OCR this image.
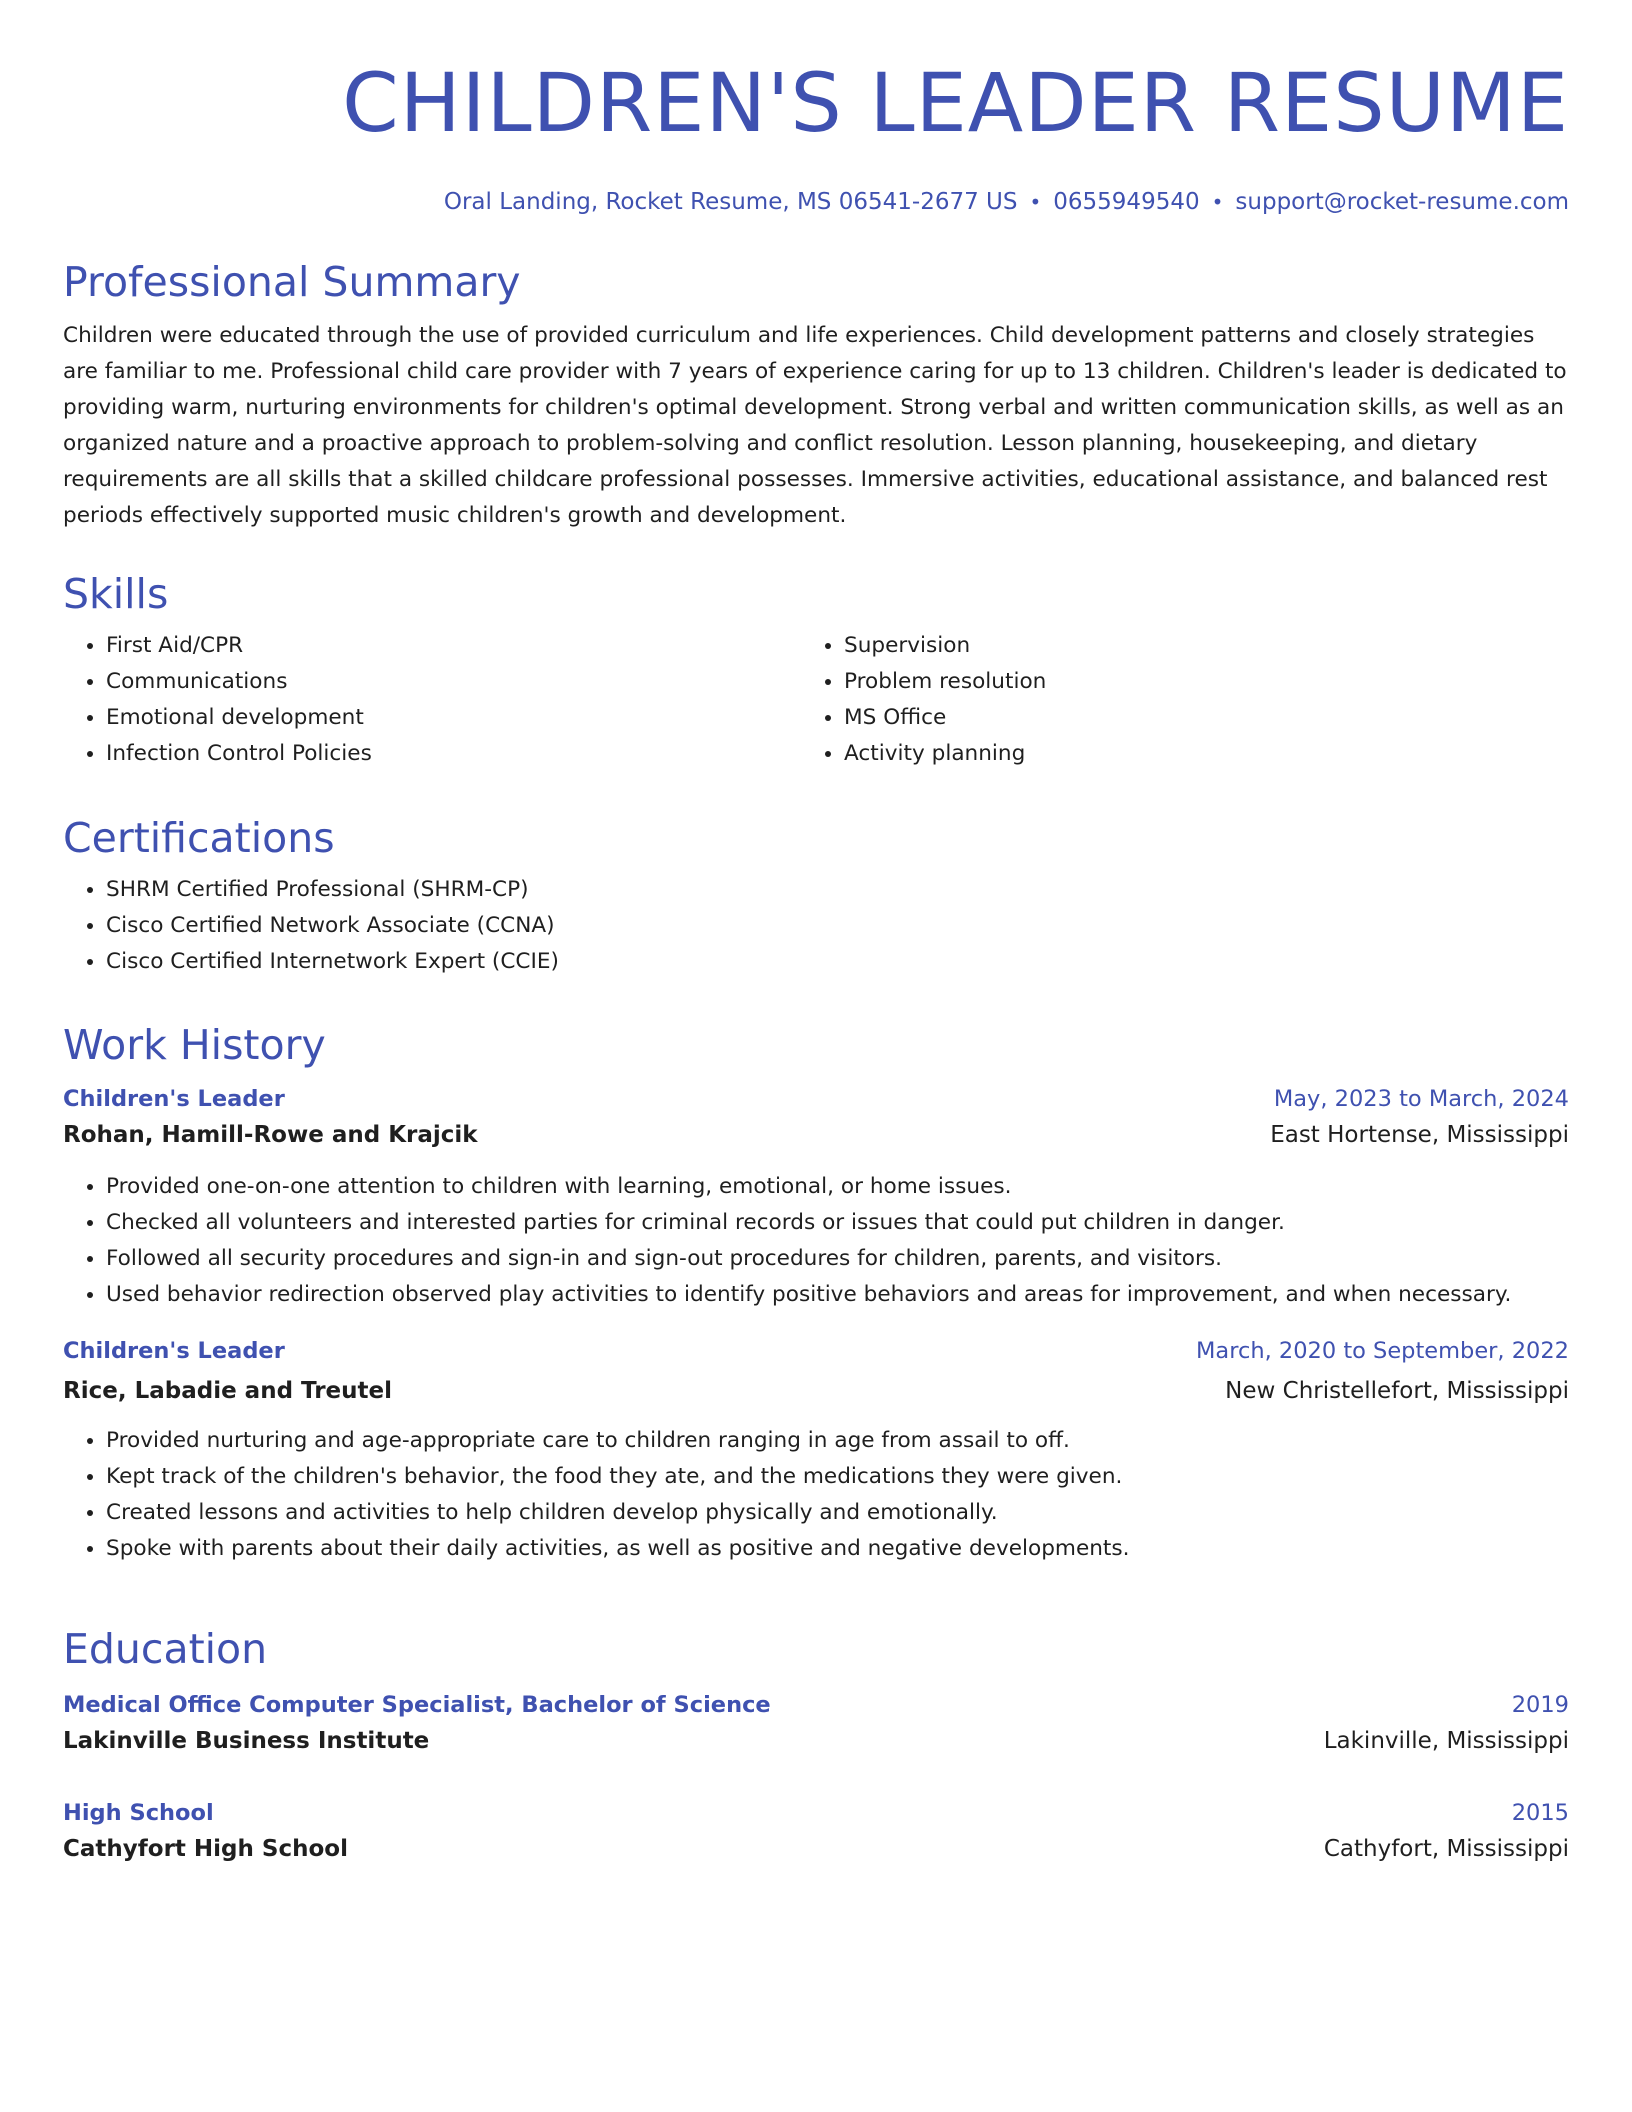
CHILDREN'S LEADER RESUME
Oral Landing, Rocket Resume, MS 06541-2677 US • 0655949540 • support@rocket-resume.com
Professional Summary

Children were educated through the use of provided curriculum and life experiences. Child development patterns and closely strategies are familiar to me. Professional child care provider with 7 years of experience caring for up to 13 children. Children's leader is dedicated to providing warm, nurturing environments for children's optimal development. Strong verbal and written communication skills, as well as an organized nature and a proactive approach to problem-solving and conflict resolution. Lesson planning, housekeeping, and dietary requirements are all skills that a skilled childcare professional possesses. Immersive activities, educational assistance, and balanced rest periods effectively supported music children's growth and development.

Skills
• First Aid/CPR
• Communications
• Emotional development
• Infection Control Policies
• Supervision
• Problem resolution
• MS Office
• Activity planning
Certifications
• SHRM Certified Professional (SHRM-CP)
• Cisco Certified Network Associate (CCNA)
• Cisco Certified Internetwork Expert (CCIE)
Work History
Children's Leader	May, 2023 to March, 2024
Rohan, Hamill-Rowe and Krajcik	East Hortense, Mississippi
• Provided one-on-one attention to children with learning, emotional, or home issues.
• Checked all volunteers and interested parties for criminal records or issues that could put children in danger.
• Followed all security procedures and sign-in and sign-out procedures for children, parents, and visitors.
• Used behavior redirection observed play activities to identify positive behaviors and areas for improvement, and when necessary.
Children's Leader	March, 2020 to September, 2022
Rice, Labadie and Treutel	New Christellefort, Mississippi
• Provided nurturing and age-appropriate care to children ranging in age from assail to off.
• Kept track of the children's behavior, the food they ate, and the medications they were given.
• Created lessons and activities to help children develop physically and emotionally.
• Spoke with parents about their daily activities, as well as positive and negative developments.
Education
Medical Office Computer Specialist, Bachelor of Science	2019
Lakinville Business Institute	Lakinville, Mississippi
High School	2015
Cathyfort High School	Cathyfort, Mississippi
